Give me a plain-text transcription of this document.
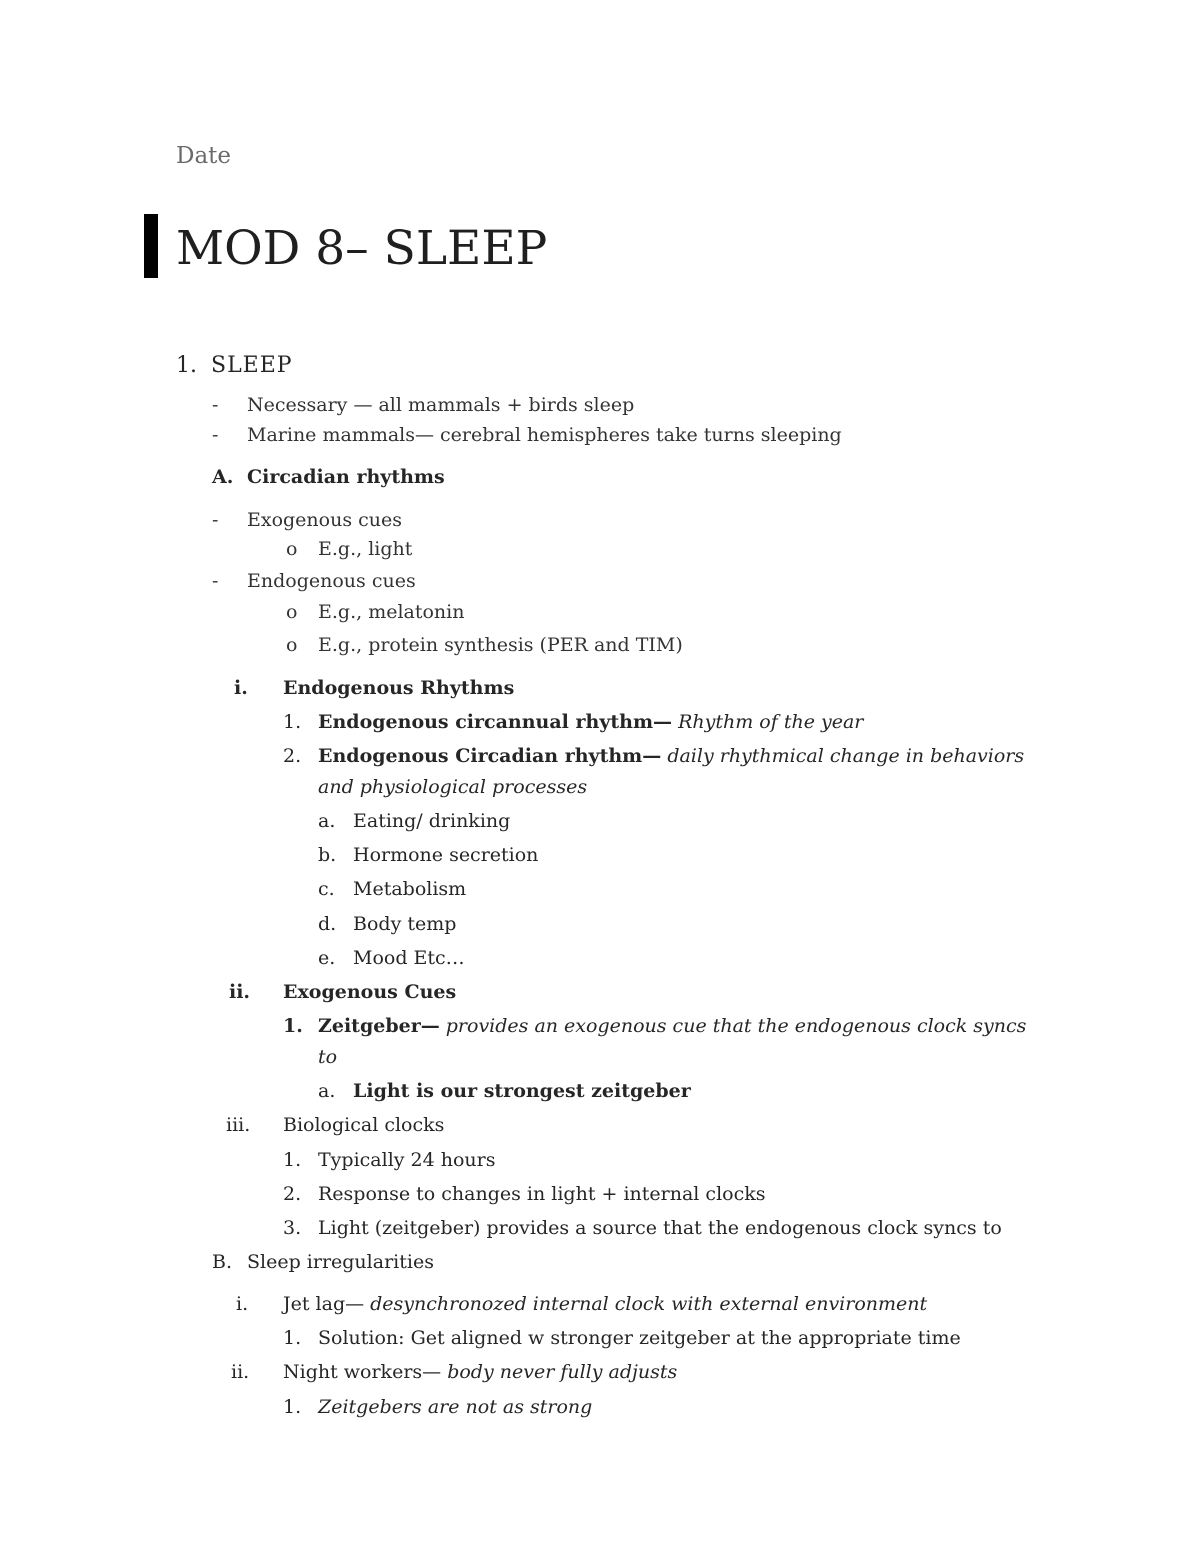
Date
MOD 8– SLEEP
1. SLEEP
- Necessary — all mammals + birds sleep
- Marine mammals— cerebral hemispheres take turns sleeping
A. Circadian rhythms
- Exogenous cues
o E.g., light
- Endogenous cues
o E.g., melatonin
o E.g., protein synthesis (PER and TIM)
i. Endogenous Rhythms
1. Endogenous circannual rhythm— Rhythm of the year
2. Endogenous Circadian rhythm— daily rhythmical change in behaviors
and physiological processes
a. Eating/ drinking
b. Hormone secretion
c. Metabolism
d. Body temp
e. Mood Etc…
ii. Exogenous Cues
1. Zeitgeber— provides an exogenous cue that the endogenous clock syncs
to
a. Light is our strongest zeitgeber
iii. Biological clocks
1. Typically 24 hours
2. Response to changes in light + internal clocks
3. Light (zeitgeber) provides a source that the endogenous clock syncs to
B. Sleep irregularities
i. Jet lag— desynchronozed internal clock with external environment
1. Solution: Get aligned w stronger zeitgeber at the appropriate time
ii. Night workers— body never fully adjusts
1. Zeitgebers are not as strong
